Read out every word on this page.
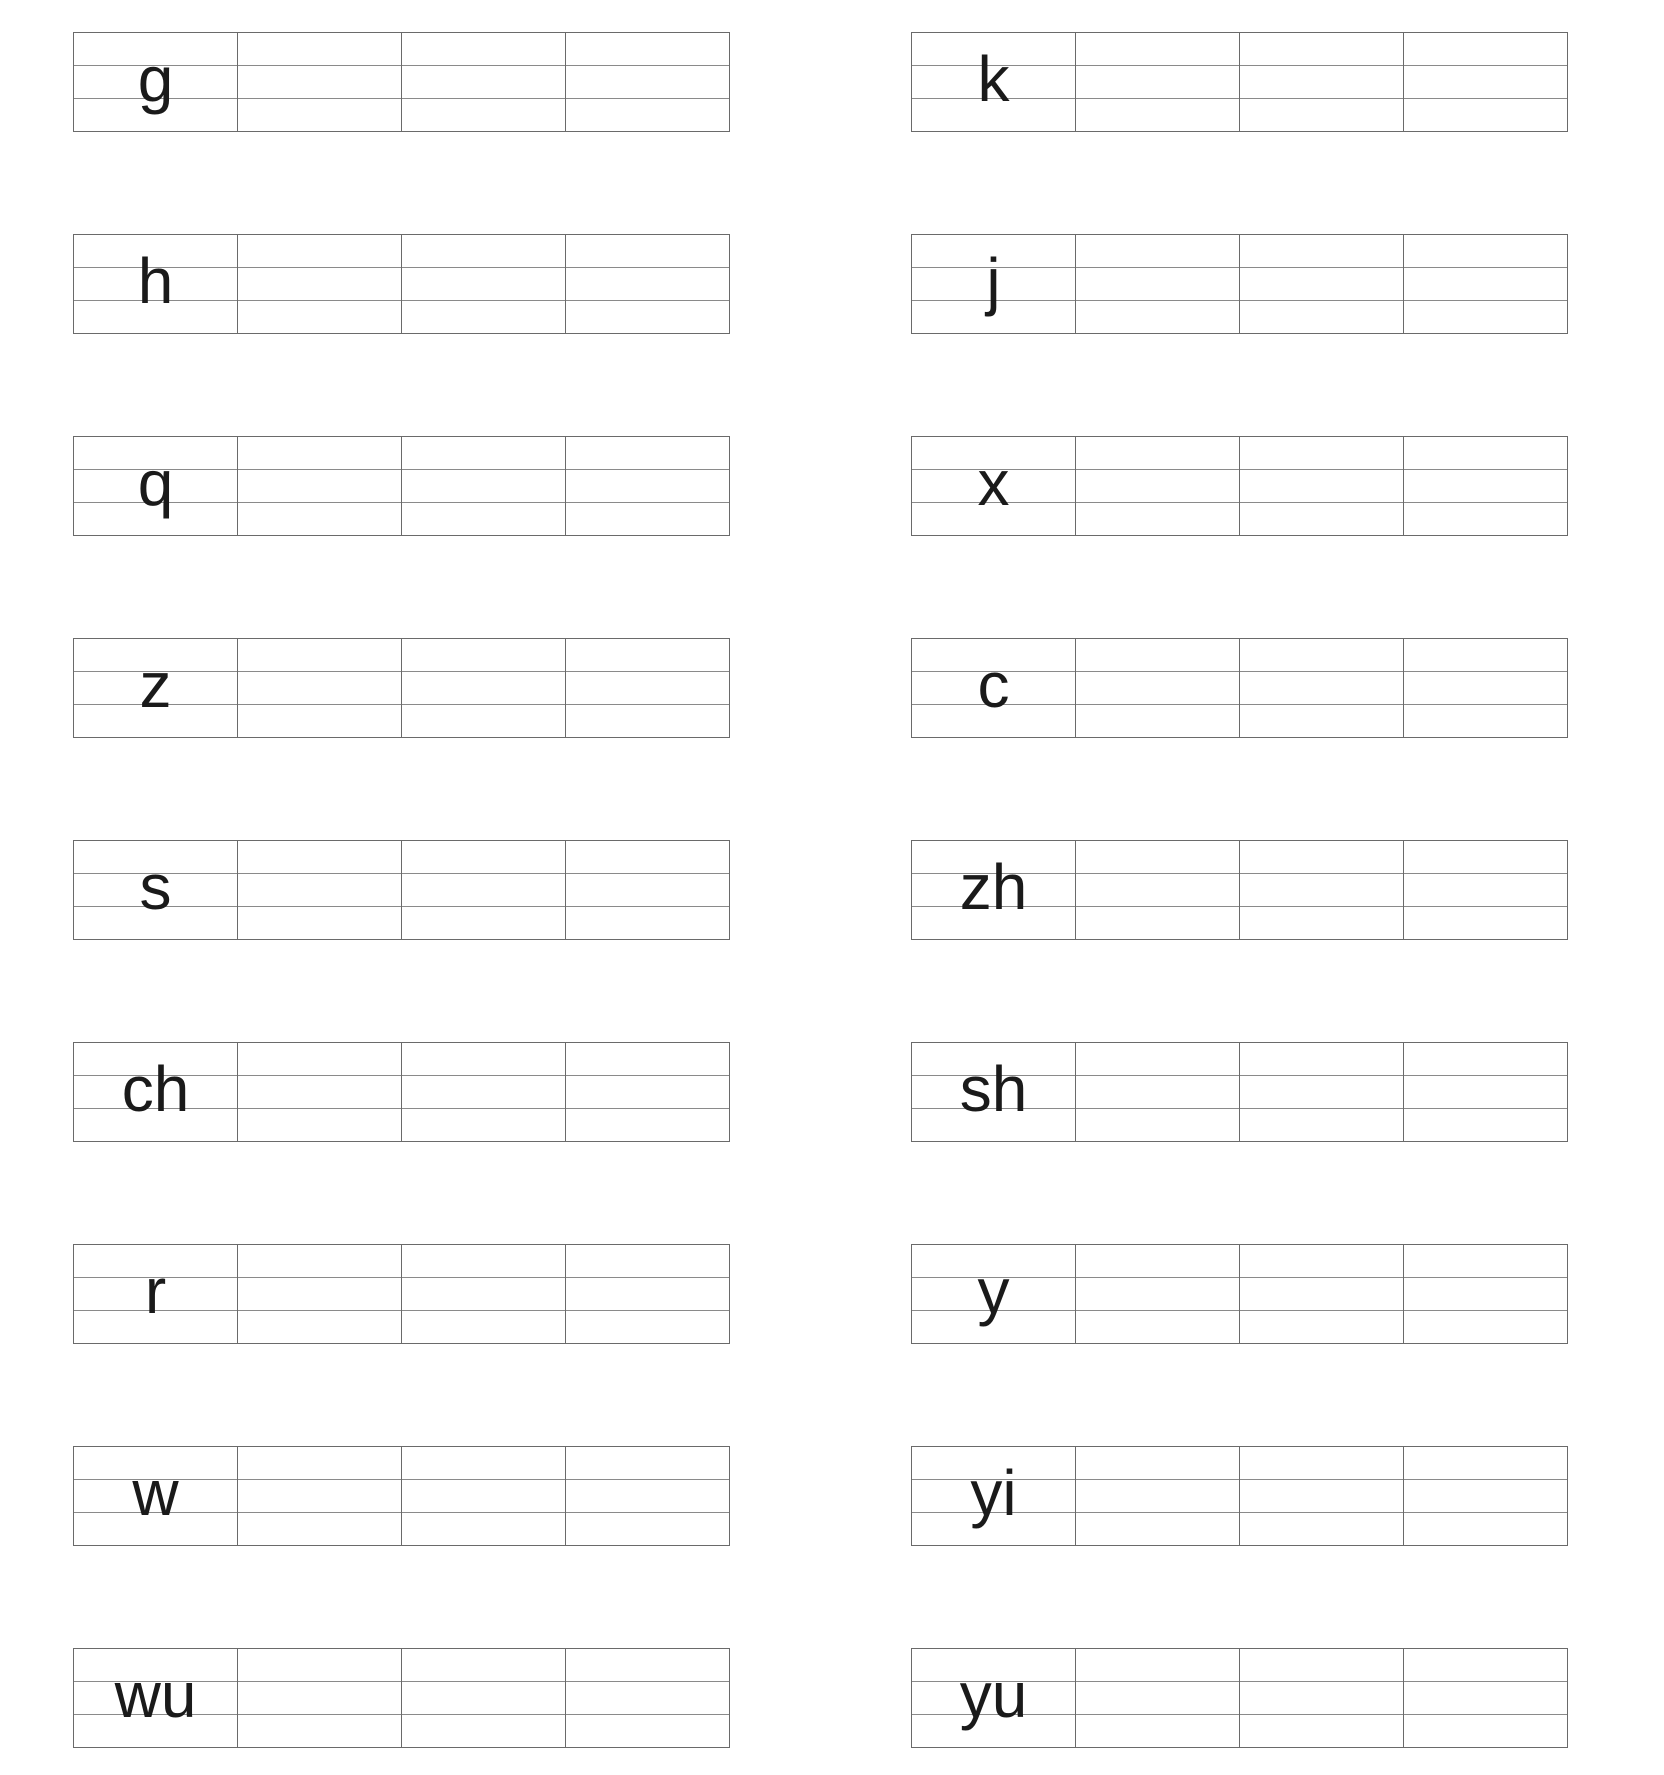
g
h
q
z
s
ch
r
w
wu
k
j
x
c
zh
sh
y
yi
yu
